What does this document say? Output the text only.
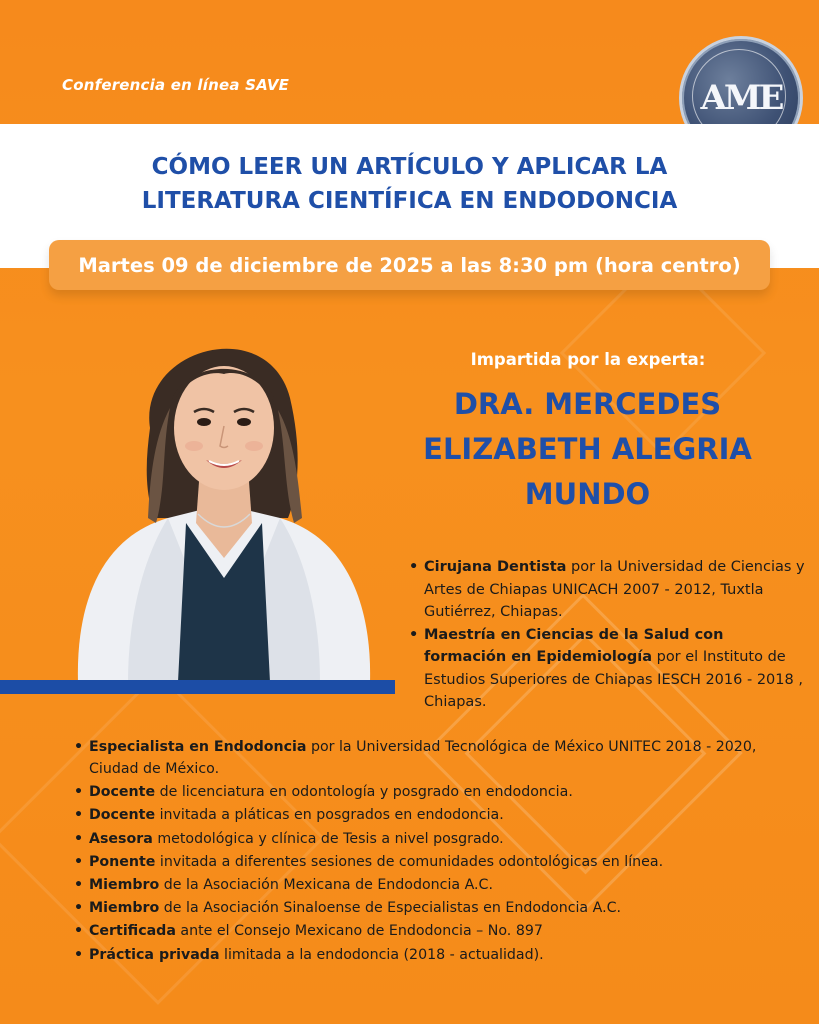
Conferencia en línea SAVE	AME
CÓMO LEER UN ARTÍCULO Y APLICAR LA
LITERATURA CIENTÍFICA EN ENDODONCIA
Martes 09 de diciembre de 2025 a las 8:30 pm (hora centro)
Impartida por la experta:
DRA. MERCEDES
ELIZABETH ALEGRIA
MUNDO
• Cirujana Dentista por la Universidad de Ciencias y Artes de Chiapas UNICACH 2007 - 2012, Tuxtla Gutiérrez, Chiapas.
• Maestría en Ciencias de la Salud con formación en Epidemiología por el Instituto de Estudios Superiores de Chiapas IESCH 2016 - 2018 , Chiapas.
• Especialista en Endodoncia por la Universidad Tecnológica de México UNITEC 2018 - 2020, Ciudad de México.
• Docente de licenciatura en odontología y posgrado en endodoncia.
• Docente invitada a pláticas en posgrados en endodoncia.
• Asesora metodológica y clínica de Tesis a nivel posgrado.
• Ponente invitada a diferentes sesiones de comunidades odontológicas en línea.
• Miembro de la Asociación Mexicana de Endodoncia A.C.
• Miembro de la Asociación Sinaloense de Especialistas en Endodoncia A.C.
• Certificada ante el Consejo Mexicano de Endodoncia – No. 897
• Práctica privada limitada a la endodoncia (2018 - actualidad).
